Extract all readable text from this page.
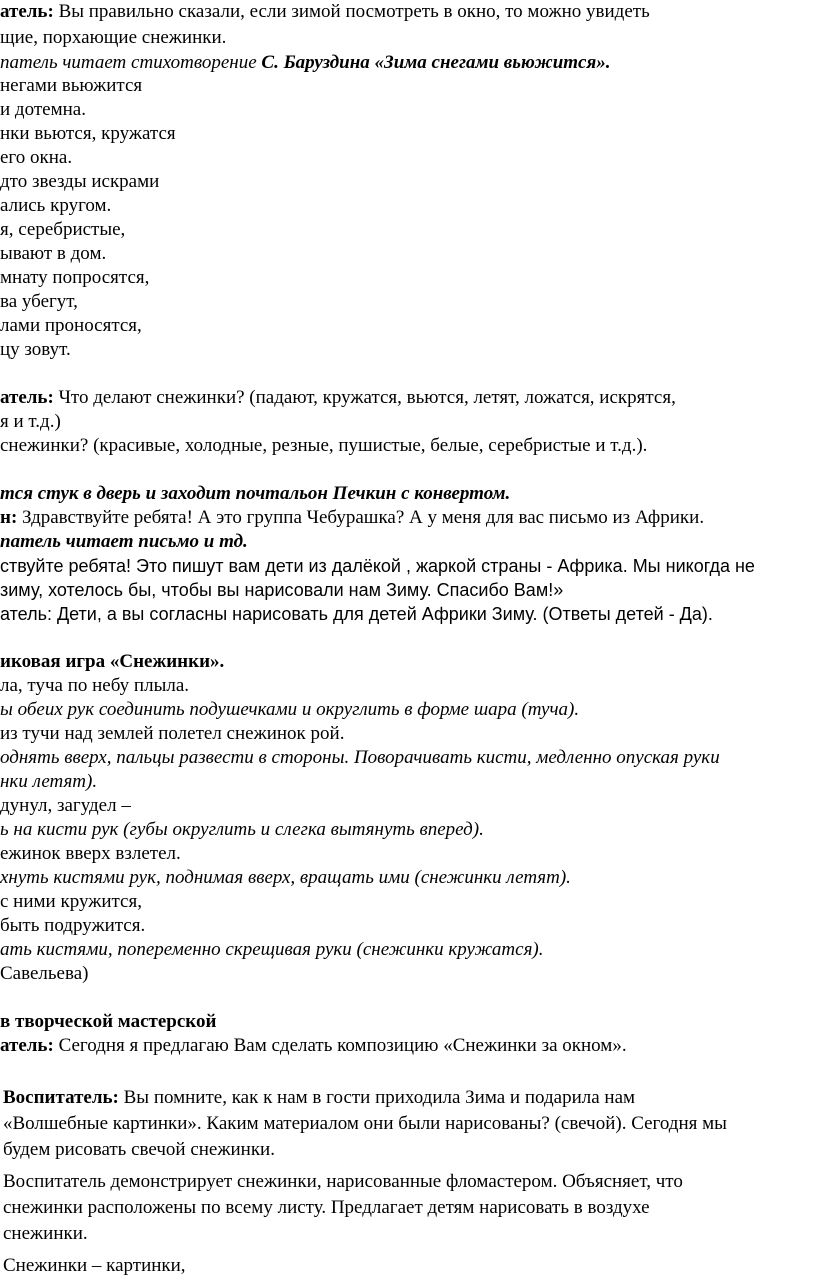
атель: Вы правильно сказали, если зимой посмотреть в окно, то можно увидеть
щие, порхающие снежинки.
патель читает стихотворение С. Баруздина «Зима снегами вьюжится».
негами вьюжится
и дотемна.
нки вьются, кружатся
его окна.
дто звезды искрами
ались кругом.
я, серебристые,
ывают в дом.
мнату попросятся,
ва убегут,
лами проносятся,
цу зовут.
атель: Что делают снежинки? (падают, кружатся, вьются, летят, ложатся, искрятся,
я и т.д.)
снежинки? (красивые, холодные, резные, пушистые, белые, серебристые и т.д.).
тся стук в дверь и заходит почтальон Печкин с конвертом.
н: Здравствуйте ребята! А это группа Чебурашка? А у меня для вас письмо из Африки.
патель читает письмо и тд.
ствуйте ребята! Это пишут вам дети из далёкой , жаркой страны - Африка. Мы никогда не
зиму, хотелось бы, чтобы вы нарисовали нам Зиму. Спасибо Вам!»
атель: Дети, а вы согласны нарисовать для детей Африки Зиму. (Ответы детей - Да).
иковая игра «Снежинки».
ла, туча по небу плыла.
ы обеих рук соединить подушечками и округлить в форме шара (туча).
из тучи над землей полетел снежинок рой.
однять вверх, пальцы развести в стороны. Поворачивать кисти, медленно опуская руки
нки летят).
дунул, загудел –
ь на кисти рук (губы округлить и слегка вытянуть вперед).
ежинок вверх взлетел.
хнуть кистями рук, поднимая вверх, вращать ими (снежинки летят).
с ними кружится,
быть подружится.
ать кистями, попеременно скрещивая руки (снежинки кружатся).
Савельева)
в творческой мастерской
атель: Сегодня я предлагаю Вам сделать композицию «Снежинки за окном».
Воспитатель: Вы помните, как к нам в гости приходила Зима и подарила нам
«Волшебные картинки». Каким материалом они были нарисованы? (свечой). Сегодня мы
будем рисовать свечой снежинки.
Воспитатель демонстрирует снежинки, нарисованные фломастером. Объясняет, что
снежинки расположены по всему листу. Предлагает детям нарисовать в воздухе
снежинки.
Снежинки – картинки,
